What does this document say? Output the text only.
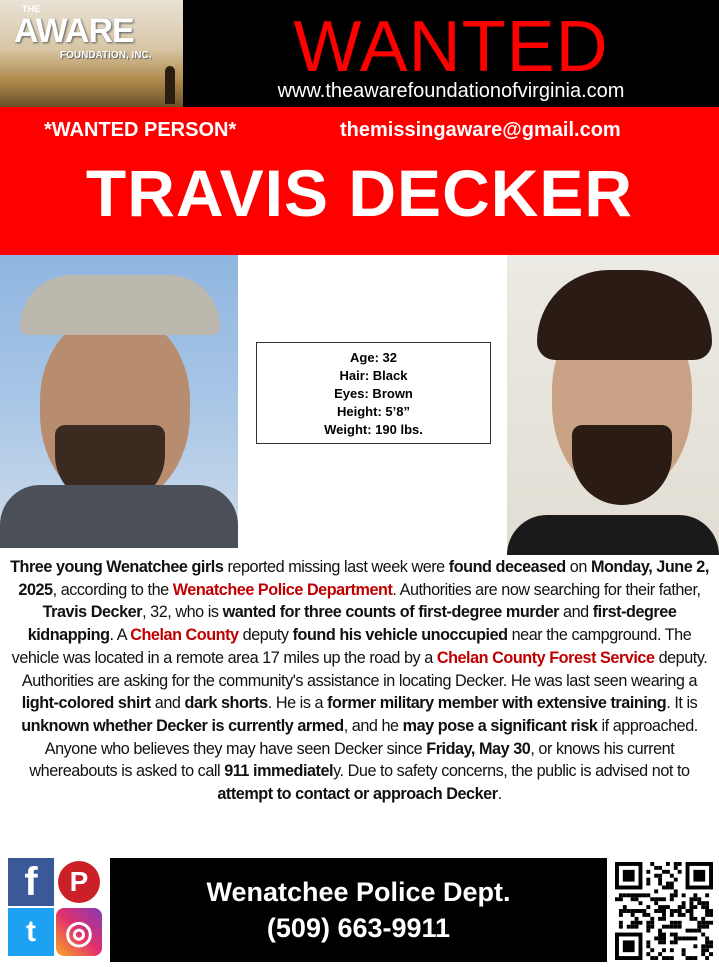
THE
AWARE
FOUNDATION, INC.	WANTED
www.theawarefoundationofvirginia.com
*WANTED PERSON*	themissingaware@gmail.com
TRAVIS DECKER
Age: 32
Hair: Black
Eyes: Brown
Height: 5’8”
Weight: 190 lbs.
Three young Wenatchee girls reported missing last week were found deceased on Monday, June 2, 2025, according to the Wenatchee Police Department. Authorities are now searching for their father, Travis Decker, 32, who is wanted for three counts of first-degree murder and first-degree kidnapping. A Chelan County deputy found his vehicle unoccupied near the campground. The vehicle was located in a remote area 17 miles up the road by a Chelan County Forest Service deputy. Authorities are asking for the community's assistance in locating Decker. He was last seen wearing a light-colored shirt and dark shorts. He is a former military member with extensive training. It is unknown whether Decker is currently armed, and he may pose a significant risk if approached. Anyone who believes they may have seen Decker since Friday, May 30, or knows his current whereabouts is asked to call 911 immediately. Due to safety concerns, the public is advised not to attempt to contact or approach Decker.
f	P
t ◎
Wenatchee Police Dept.
(509) 663-9911
